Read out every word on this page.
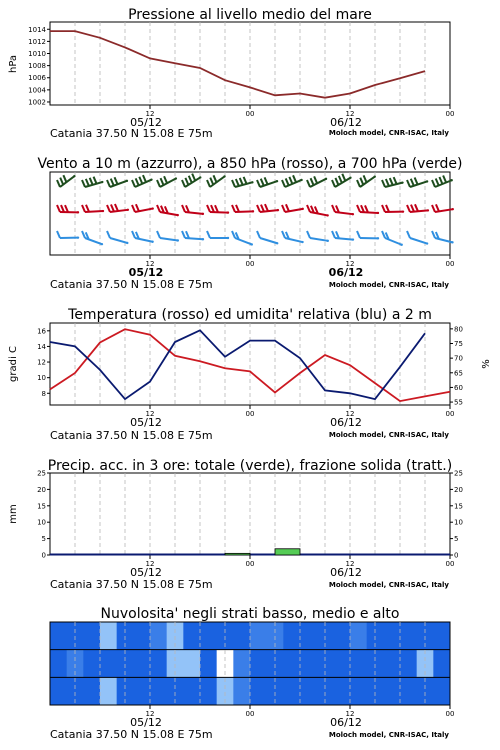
Pressione al livello medio del mare
Vento a 10 m (azzurro), a 850 hPa (rosso), a 700 hPa (verde)
Temperatura (rosso) ed umidita' relativa (blu) a 2 m
Precip. acc. in 3 ore: totale (verde), frazione solida (tratt.)
Nuvolosita' negli strati basso, medio e alto
hPa
gradi C	%
mm
Catania 37.50 N 15.08 E 75m	Moloch model, CNR-ISAC, Italy
Catania 37.50 N 15.08 E 75m	Moloch model, CNR-ISAC, Italy
Catania 37.50 N 15.08 E 75m	Moloch model, CNR-ISAC, Italy
Catania 37.50 N 15.08 E 75m	Moloch model, CNR-ISAC, Italy
Catania 37.50 N 15.08 E 75m	Moloch model, CNR-ISAC, Italy
12	00	12	00
05/12	06/12
1014
1012
1010
1008
1006
1004
1002
12	00	12	00
05/12	06/12
12	00	12	00
05/12	06/12
16
14
12
10
8
80
75
70
65
60
55
12	00	12	00
05/12	06/12
25
20
15
10
5
0
25
20
15
10
5
0
12	00	12	00
05/12	06/12
